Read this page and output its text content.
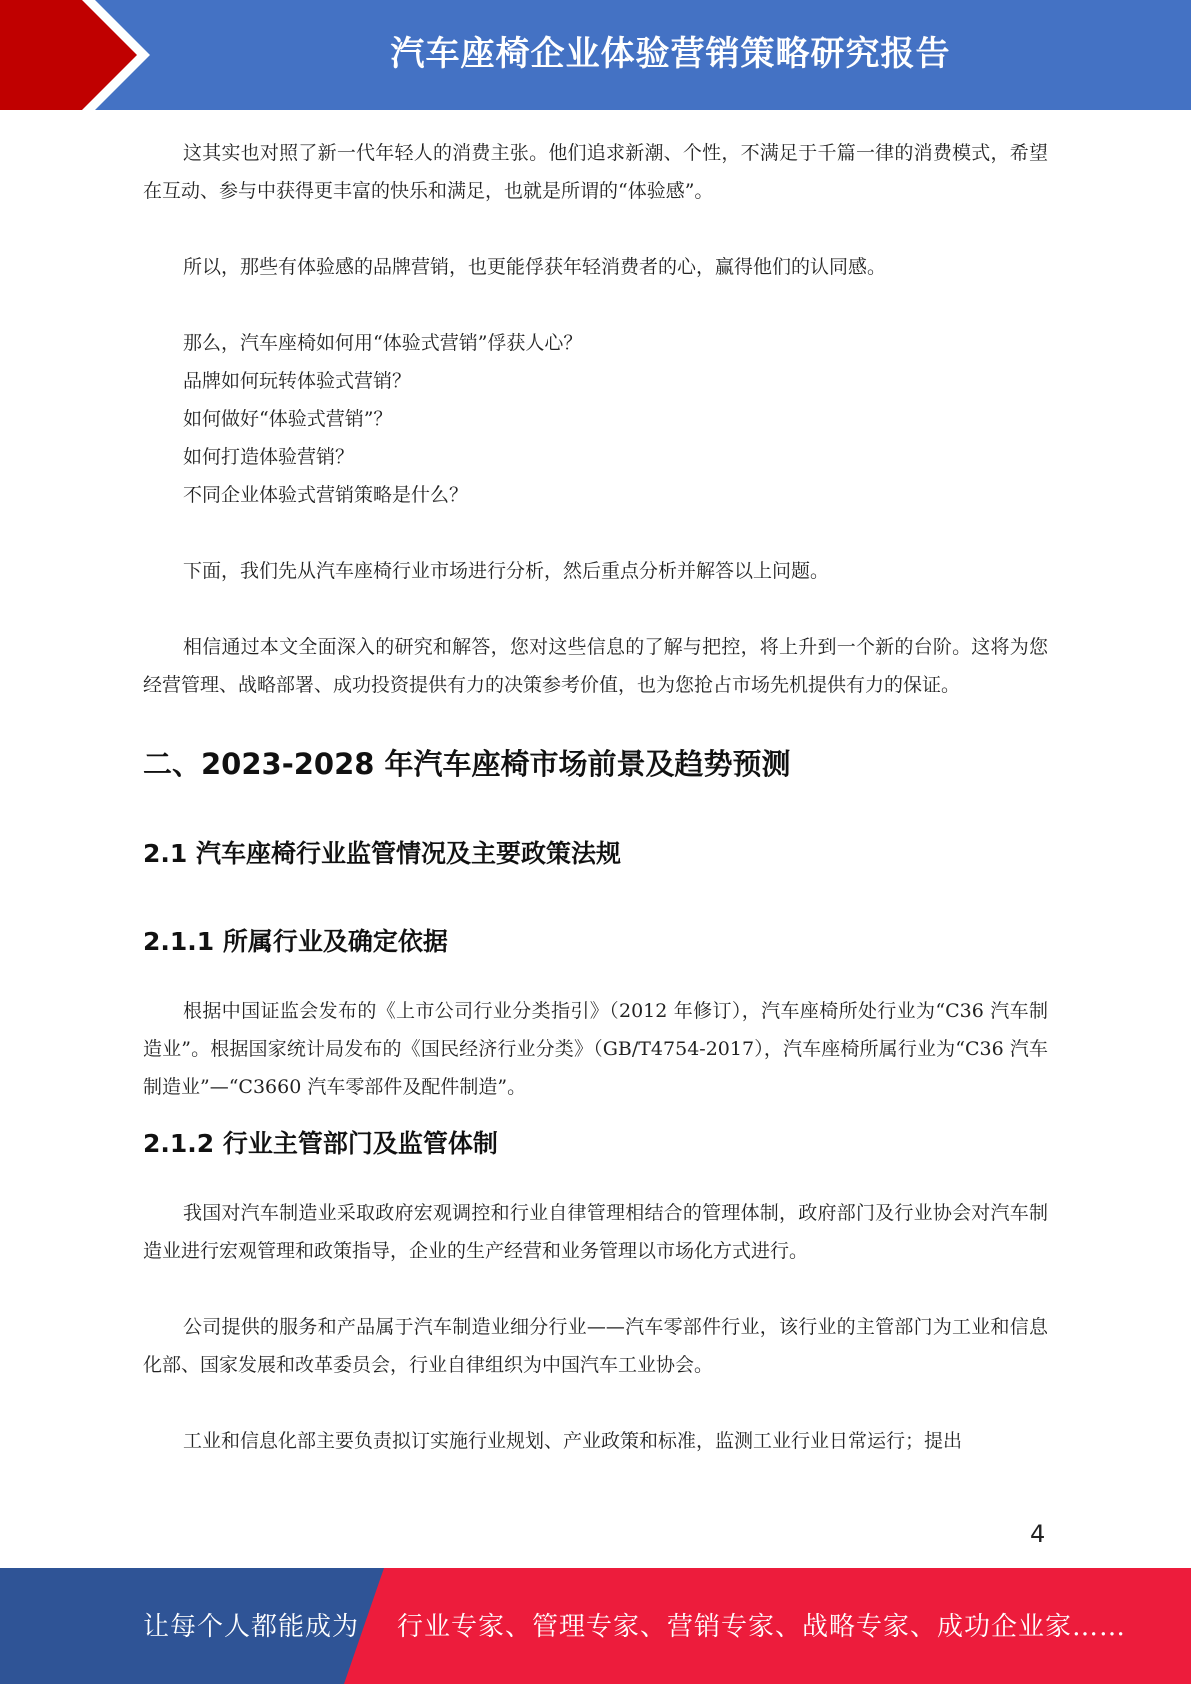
汽车座椅企业体验营销策略研究报告

这其实也对照了新一代年轻人的消费主张。他们追求新潮、个性，不满足于千篇一律的消费模式，希望在互动、参与中获得更丰富的快乐和满足，也就是所谓的“体验感”。

所以，那些有体验感的品牌营销，也更能俘获年轻消费者的心，赢得他们的认同感。

那么，汽车座椅如何用“体验式营销”俘获人心？

品牌如何玩转体验式营销？

如何做好“体验式营销”？

如何打造体验营销？

不同企业体验式营销策略是什么？

下面，我们先从汽车座椅行业市场进行分析，然后重点分析并解答以上问题。

相信通过本文全面深入的研究和解答，您对这些信息的了解与把控，将上升到一个新的台阶。这将为您经营管理、战略部署、成功投资提供有力的决策参考价值，也为您抢占市场先机提供有力的保证。

二、2023-2028 年汽车座椅市场前景及趋势预测
2.1 汽车座椅行业监管情况及主要政策法规
2.1.1 所属行业及确定依据

根据中国证监会发布的《上市公司行业分类指引》（2012 年修订），汽车座椅所处行业为“C36 汽车制造业”。根据国家统计局发布的《国民经济行业分类》（GB/T4754-2017），汽车座椅所属行业为“C36 汽车制造业”—“C3660 汽车零部件及配件制造”。

2.1.2 行业主管部门及监管体制

我国对汽车制造业采取政府宏观调控和行业自律管理相结合的管理体制，政府部门及行业协会对汽车制造业进行宏观管理和政策指导，企业的生产经营和业务管理以市场化方式进行。

公司提供的服务和产品属于汽车制造业细分行业——汽车零部件行业，该行业的主管部门为工业和信息化部、国家发展和改革委员会，行业自律组织为中国汽车工业协会。

工业和信息化部主要负责拟订实施行业规划、产业政策和标准，监测工业行业日常运行；提出

4
让每个人都能成为 行业专家、管理专家、营销专家、战略专家、成功企业家……
